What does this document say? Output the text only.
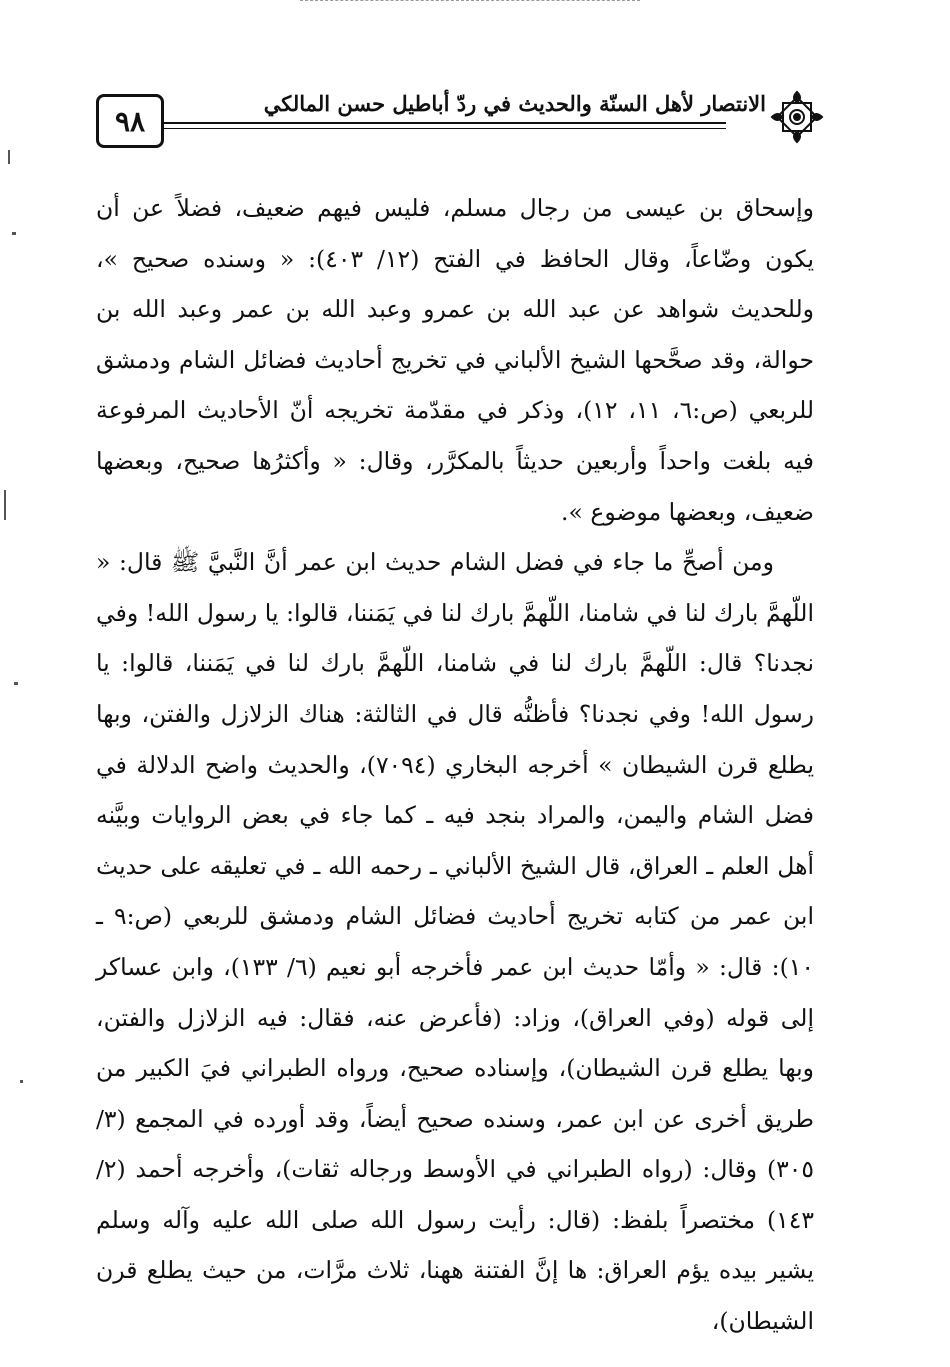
٩٨
الانتصار لأهل السنّة والحديث في ردّ أباطيل حسن المالكي

وإسحاق بن عيسى من رجال مسلم، فليس فيهم ضعيف، فضلاً عن أن يكون وضّاعاً، وقال الحافظ في الفتح (١٢/ ٤٠٣): « وسنده صحيح »، وللحديث شواهد عن عبد الله بن عمرو وعبد الله بن عمر وعبد الله بن حوالة، وقد صحَّحها الشيخ الألباني في تخريج أحاديث فضائل الشام ودمشق للربعي (ص:٦، ١١، ١٢)، وذكر في مقدّمة تخريجه أنّ الأحاديث المرفوعة فيه بلغت واحداً وأربعين حديثاً بالمكرَّر، وقال: « وأكثرُها صحيح، وبعضها ضعيف، وبعضها موضوع ».

ومن أصحِّ ما جاء في فضل الشام حديث ابن عمر أنَّ النَّبيَّ ﷺ قال: « اللّهمَّ بارك لنا في شامنا، اللّهمَّ بارك لنا في يَمَننا، قالوا: يا رسول الله! وفي نجدنا؟ قال: اللّهمَّ بارك لنا في شامنا، اللّهمَّ بارك لنا في يَمَننا، قالوا: يا رسول الله! وفي نجدنا؟ فأظنُّه قال في الثالثة: هناك الزلازل والفتن، وبها يطلع قرن الشيطان » أخرجه البخاري (٧٠٩٤)، والحديث واضح الدلالة في فضل الشام واليمن، والمراد بنجد فيه ـ كما جاء في بعض الروايات وبيَّنه أهل العلم ـ العراق، قال الشيخ الألباني ـ رحمه الله ـ في تعليقه على حديث ابن عمر من كتابه تخريج أحاديث فضائل الشام ودمشق للربعي (ص:٩ ـ ١٠): قال: « وأمّا حديث ابن عمر فأخرجه أبو نعيم (٦/ ١٣٣)، وابن عساكر إلى قوله (وفي العراق)، وزاد: (فأعرض عنه، فقال: فيه الزلازل والفتن، وبها يطلع قرن الشيطان)، وإسناده صحيح، ورواه الطبراني فيَ الكبير من طريق أخرى عن ابن عمر، وسنده صحيح أيضاً، وقد أورده في المجمع (٣/ ٣٠٥) وقال: (رواه الطبراني في الأوسط ورجاله ثقات)، وأخرجه أحمد (٢/ ١٤٣) مختصراً بلفظ: (قال: رأيت رسول الله صلى الله عليه وآله وسلم يشير بيده يؤم العراق: ها إنَّ الفتنة ههنا، ثلاث مرَّات، من حيث يطلع قرن الشيطان)،
